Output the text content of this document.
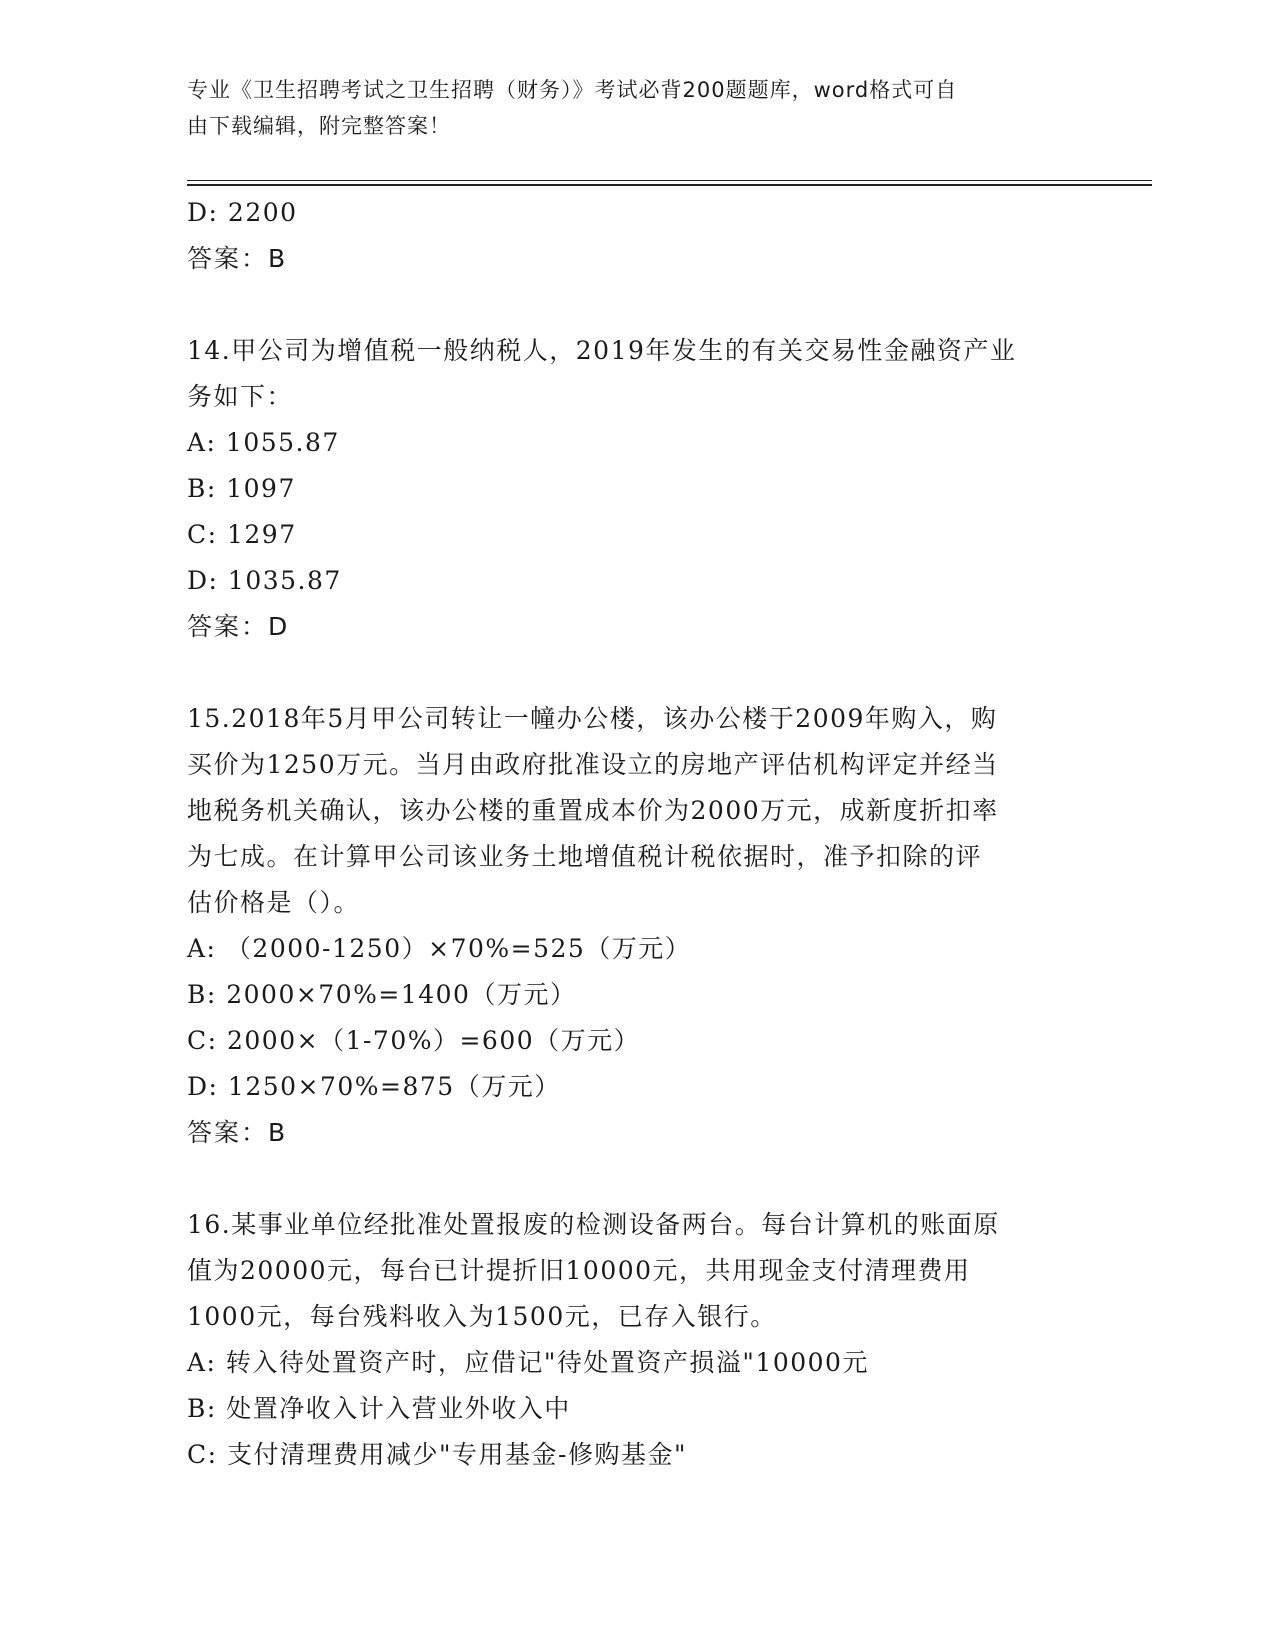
专业《卫生招聘考试之卫生招聘（财务）》考试必背200题题库，word格式可自
由下载编辑，附完整答案！
D: 2200
答案：B
14.甲公司为增值税一般纳税人，2019年发生的有关交易性金融资产业
务如下：
A: 1055.87
B: 1097
C: 1297
D: 1035.87
答案：D
15.2018年5月甲公司转让一幢办公楼，该办公楼于2009年购入，购
买价为1250万元。当月由政府批准设立的房地产评估机构评定并经当
地税务机关确认，该办公楼的重置成本价为2000万元，成新度折扣率
为七成。在计算甲公司该业务土地增值税计税依据时，准予扣除的评
估价格是（）。
A: （2000-1250）×70%=525（万元）
B: 2000×70%=1400（万元）
C: 2000×（1-70%）=600（万元）
D: 1250×70%=875（万元）
答案：B
16.某事业单位经批准处置报废的检测设备两台。每台计算机的账面原
值为20000元，每台已计提折旧10000元，共用现金支付清理费用
1000元，每台残料收入为1500元，已存入银行。
A: 转入待处置资产时，应借记"待处置资产损溢"10000元
B: 处置净收入计入营业外收入中
C: 支付清理费用减少"专用基金-修购基金"
